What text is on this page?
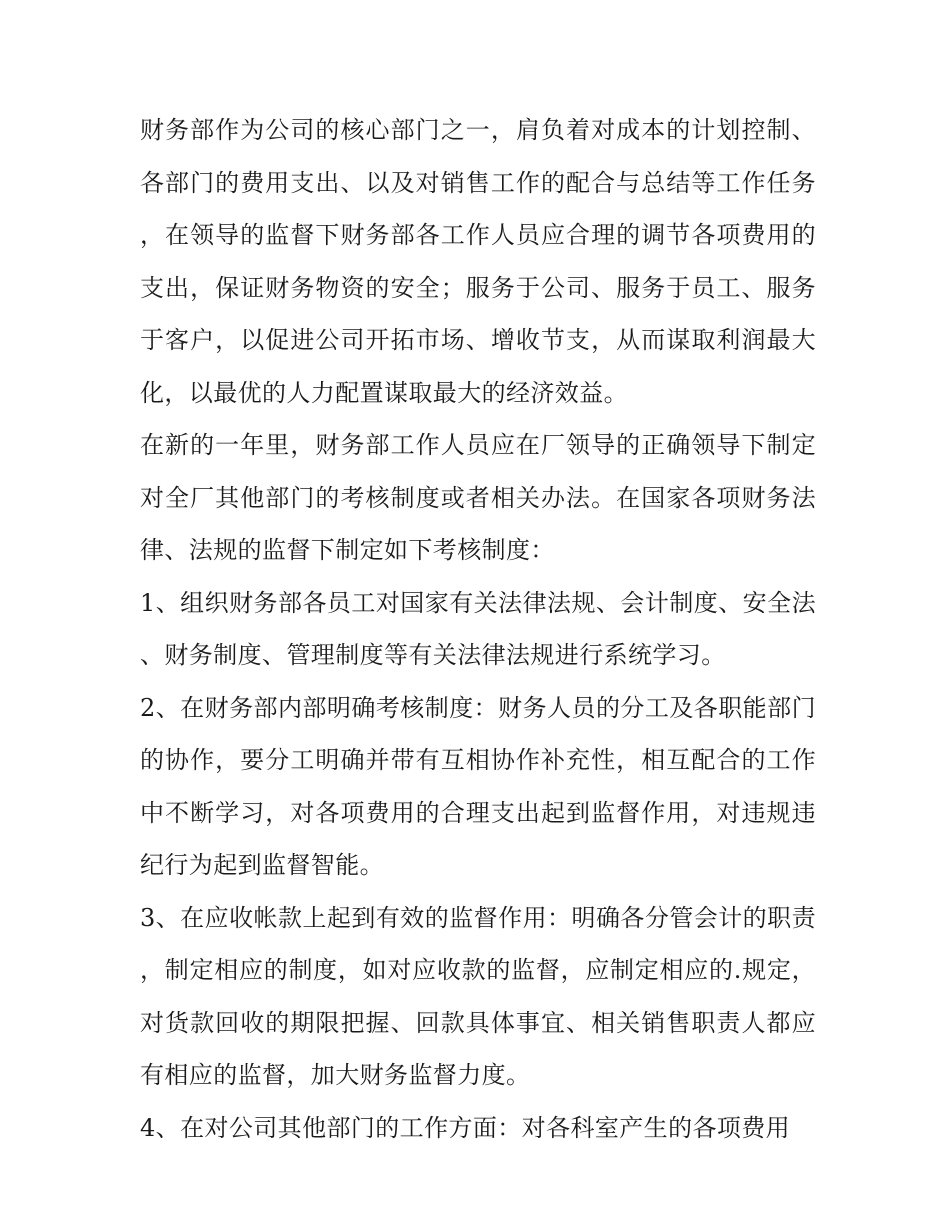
财务部作为公司的核心部门之一，肩负着对成本的计划控制、各部门的费用支出、以及对销售工作的配合与总结等工作任务，在领导的监督下财务部各工作人员应合理的调节各项费用的支出，保证财务物资的安全；服务于公司、服务于员工、服务于客户，以促进公司开拓市场、增收节支，从而谋取利润最大化，以最优的人力配置谋取最大的经济效益。

在新的一年里，财务部工作人员应在厂领导的正确领导下制定对全厂其他部门的考核制度或者相关办法。在国家各项财务法律、法规的监督下制定如下考核制度：

1、组织财务部各员工对国家有关法律法规、会计制度、安全法、财务制度、管理制度等有关法律法规进行系统学习。

2、在财务部内部明确考核制度：财务人员的分工及各职能部门的协作，要分工明确并带有互相协作补充性，相互配合的工作中不断学习，对各项费用的合理支出起到监督作用，对违规违纪行为起到监督智能。

3、在应收帐款上起到有效的监督作用：明确各分管会计的职责，制定相应的制度，如对应收款的监督，应制定相应的.规定，对货款回收的期限把握、回款具体事宜、相关销售职责人都应有相应的监督，加大财务监督力度。

4、在对公司其他部门的工作方面：对各科室产生的各项费用
